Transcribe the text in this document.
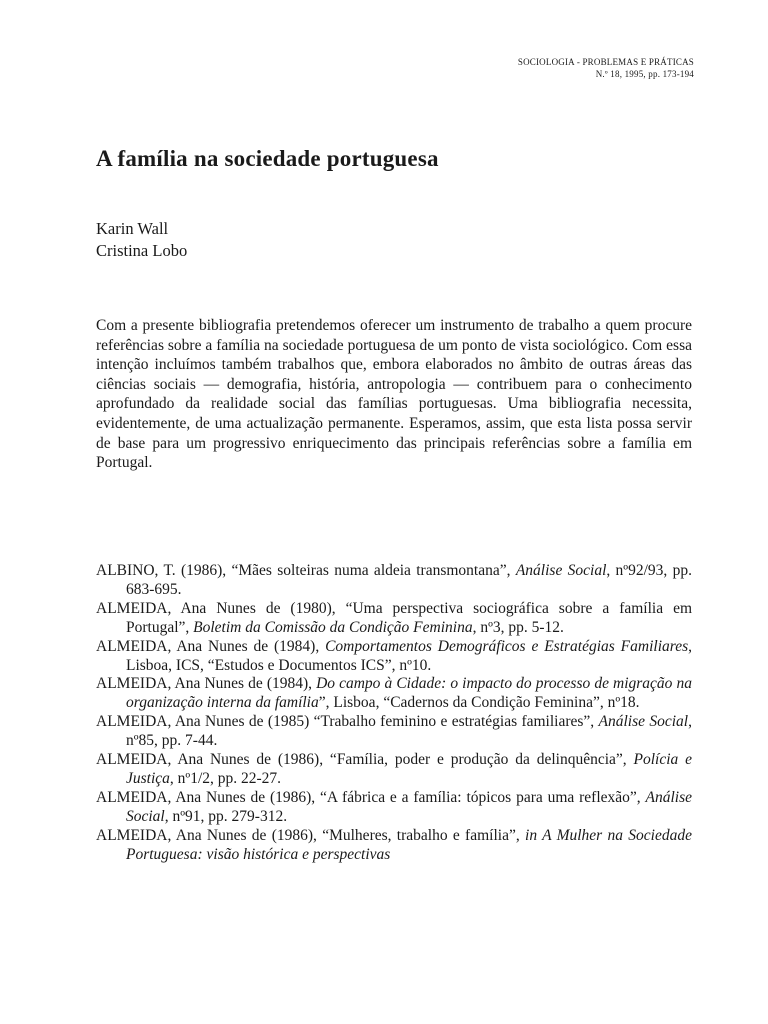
SOCIOLOGIA - PROBLEMAS E PRÁTICAS
N.º 18, 1995, pp. 173-194
A família na sociedade portuguesa
Karin Wall
Cristina Lobo

Com a presente bibliografia pretendemos oferecer um instrumento de trabalho a quem procure referências sobre a família na sociedade portuguesa de um ponto de vista sociológico. Com essa intenção incluímos também trabalhos que, embora elaborados no âmbito de outras áreas das ciências sociais — demografia, história, antropologia — contribuem para o conhecimento aprofundado da realidade social das famílias portuguesas. Uma bibliografia necessita, evidentemente, de uma actualização permanente. Esperamos, assim, que esta lista possa servir de base para um progressivo enriquecimento das principais referências sobre a família em Portugal.

ALBINO, T. (1986), “Mães solteiras numa aldeia transmontana”, Análise Social, nº92/93, pp. 683-695.
ALMEIDA, Ana Nunes de (1980), “Uma perspectiva sociográfica sobre a família em Portugal”, Boletim da Comissão da Condição Feminina, nº3, pp. 5-12.
ALMEIDA, Ana Nunes de (1984), Comportamentos Demográficos e Estratégias Familiares, Lisboa, ICS, “Estudos e Documentos ICS”, nº10.
ALMEIDA, Ana Nunes de (1984), Do campo à Cidade: o impacto do processo de migração na organização interna da família”, Lisboa, “Cadernos da Condição Feminina”, nº18.
ALMEIDA, Ana Nunes de (1985) “Trabalho feminino e estratégias familiares”, Análise Social, nº85, pp. 7-44.
ALMEIDA, Ana Nunes de (1986), “Família, poder e produção da delinquência”, Polícia e Justiça, nº1/2, pp. 22-27.
ALMEIDA, Ana Nunes de (1986), “A fábrica e a família: tópicos para uma reflexão”, Análise Social, nº91, pp. 279-312.
ALMEIDA, Ana Nunes de (1986), “Mulheres, trabalho e família”, in A Mulher na Sociedade Portuguesa: visão histórica e perspectivas
